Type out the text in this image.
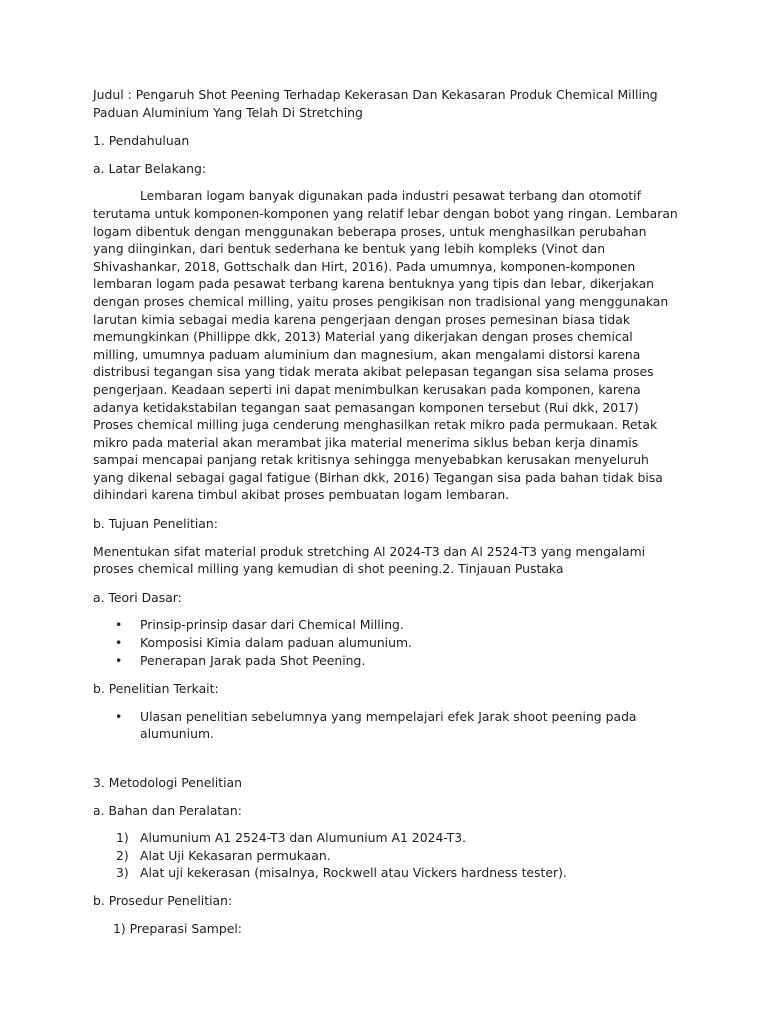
Judul : Pengaruh Shot Peening Terhadap Kekerasan Dan Kekasaran Produk Chemical Milling Paduan Aluminium Yang Telah Di Stretching

1. Pendahuluan

a. Latar Belakang:

Lembaran logam banyak digunakan pada industri pesawat terbang dan otomotif terutama untuk komponen-komponen yang relatif lebar dengan bobot yang ringan. Lembaran logam dibentuk dengan menggunakan beberapa proses, untuk menghasilkan perubahan yang diinginkan, dari bentuk sederhana ke bentuk yang lebih kompleks (Vinot dan Shivashankar, 2018, Gottschalk dan Hirt, 2016). Pada umumnya, komponen-komponen lembaran logam pada pesawat terbang karena bentuknya yang tipis dan lebar, dikerjakan dengan proses chemical milling, yaitu proses pengikisan non tradisional yang menggunakan larutan kimia sebagai media karena pengerjaan dengan proses pemesinan biasa tidak memungkinkan (Phillippe dkk, 2013) Material yang dikerjakan dengan proses chemical milling, umumnya paduam aluminium dan magnesium, akan mengalami distorsi karena distribusi tegangan sisa yang tidak merata akibat pelepasan tegangan sisa selama proses pengerjaan. Keadaan seperti ini dapat menimbulkan kerusakan pada komponen, karena adanya ketidakstabilan tegangan saat pemasangan komponen tersebut (Rui dkk, 2017) Proses chemical milling juga cenderung menghasilkan retak mikro pada permukaan. Retak mikro pada material akan merambat jika material menerima siklus beban kerja dinamis sampai mencapai panjang retak kritisnya sehingga menyebabkan kerusakan menyeluruh yang dikenal sebagai gagal fatigue (Birhan dkk, 2016) Tegangan sisa pada bahan tidak bisa dihindari karena timbul akibat proses pembuatan logam lembaran.

b. Tujuan Penelitian:

Menentukan sifat material produk stretching Al 2024-T3 dan Al 2524-T3 yang mengalami proses chemical milling yang kemudian di shot peening.2. Tinjauan Pustaka

a. Teori Dasar:

• Prinsip-prinsip dasar dari Chemical Milling.
• Komposisi Kimia dalam paduan alumunium.
• Penerapan Jarak pada Shot Peening.

b. Penelitian Terkait:

• Ulasan penelitian sebelumnya yang mempelajari efek Jarak shoot peening pada alumunium.

3. Metodologi Penelitian

a. Bahan dan Peralatan:

1) Alumunium A1 2524-T3 dan Alumunium A1 2024-T3.
2) Alat Uji Kekasaran permukaan.
3) Alat uji kekerasan (misalnya, Rockwell atau Vickers hardness tester).

b. Prosedur Penelitian:

1) Preparasi Sampel:
